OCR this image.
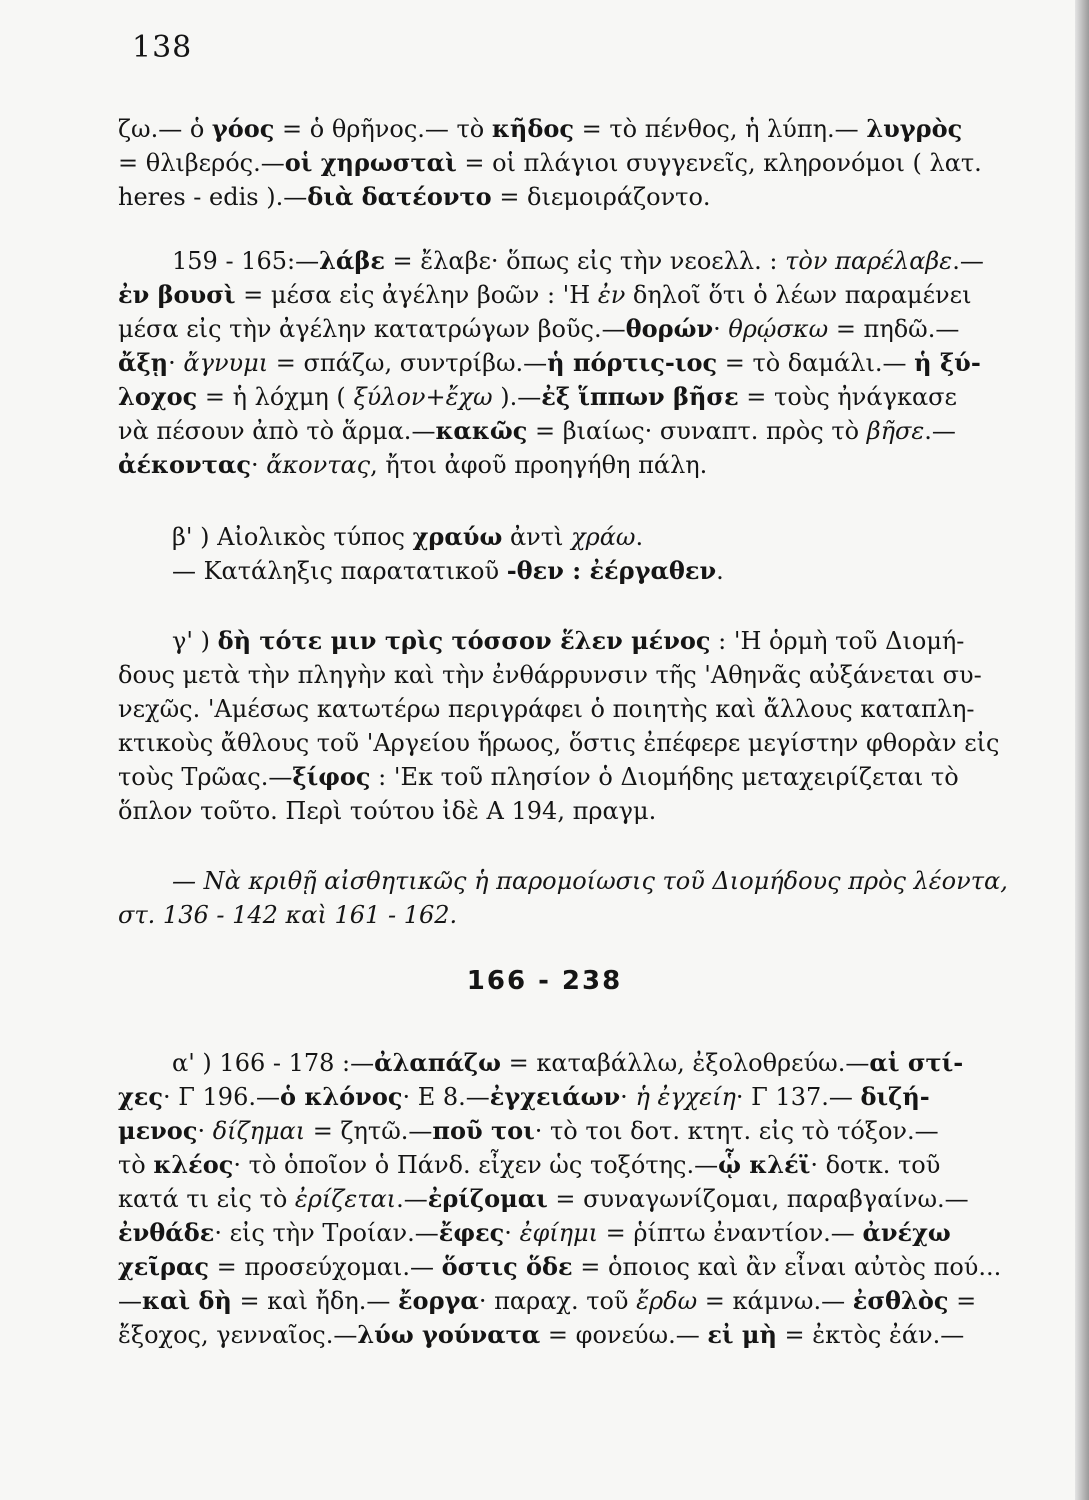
138
ζω.— ὁ γόος = ὁ θρῆνος.— τὸ κῆδος = τὸ πένθος, ἡ λύπη.— λυγρὸς
= θλιβερός.—οἱ χηρωσταὶ = οἱ πλάγιοι συγγενεῖς, κληρονόμοι ( λατ.
heres - edis ).—διὰ δατέοντο = διεμοιράζοντο.
159 - 165:—λάβε = ἔλαβε· ὅπως εἰς τὴν νεοελλ. : τὸν παρέλαβε.—
ἐν βουσὶ = μέσα εἰς ἀγέλην βοῶν : 'Η ἐν δηλοῖ ὅτι ὁ λέων παραμένει
μέσα εἰς τὴν ἀγέλην κατατρώγων βοῦς.—θορών· θρῴσκω = πηδῶ.—
ἄξῃ· ἄγνυμι = σπάζω, συντρίβω.—ἡ πόρτις-ιος = τὸ δαμάλι.— ἡ ξύ-
λοχος = ἡ λόχμη ( ξύλον+ἔχω ).—ἐξ ἵππων βῆσε = τοὺς ἠνάγκασε
νὰ πέσουν ἀπὸ τὸ ἅρμα.—κακῶς = βιαίως· συναπτ. πρὸς τὸ βῆσε.—
ἀέκοντας· ἄκοντας, ἤτοι ἀφοῦ προηγήθη πάλη.
β' ) Αἰολικὸς τύπος χραύω ἀντὶ χράω.
— Κατάληξις παρατατικοῦ -θεν : ἐέργαθεν.
γ' ) δὴ τότε μιν τρὶς τόσσον ἕλεν μένος : 'Η ὁρμὴ τοῦ Διομή-
δους μετὰ τὴν πληγὴν καὶ τὴν ἐνθάρρυνσιν τῆς 'Αθηνᾶς αὐξάνεται συ-
νεχῶς. 'Αμέσως κατωτέρω περιγράφει ὁ ποιητὴς καὶ ἄλλους καταπλη-
κτικοὺς ἄθλους τοῦ 'Αργείου ἥρωος, ὅστις ἐπέφερε μεγίστην φθορὰν εἰς
τοὺς Τρῶας.—ξίφος : 'Εκ τοῦ πλησίον ὁ Διομήδης μεταχειρίζεται τὸ
ὅπλον τοῦτο. Περὶ τούτου ἰδὲ Α 194, πραγμ.
— Νὰ κριθῇ αἰσθητικῶς ἡ παρομοίωσις τοῦ Διομήδους πρὸς λέοντα,
στ. 136 - 142 καὶ 161 - 162.
166 - 238
α' ) 166 - 178 :—ἀλαπάζω = καταβάλλω, ἐξολοθρεύω.—αἱ στί-
χες· Γ 196.—ὁ κλόνος· Ε 8.—ἐγχειάων· ἡ ἐγχείη· Γ 137.— διζή-
μενος· δίζημαι = ζητῶ.—ποῦ τοι· τὸ τοι δοτ. κτητ. εἰς τὸ τόξον.—
τὸ κλέος· τὸ ὁποῖον ὁ Πάνδ. εἶχεν ὡς τοξότης.—ᾧ κλέϊ· δοτκ. τοῦ
κατά τι εἰς τὸ ἐρίζεται.—ἐρίζομαι = συναγωνίζομαι, παραβγαίνω.—
ἐνθάδε· εἰς τὴν Τροίαν.—ἔφες· ἐφίημι = ῥίπτω ἐναντίον.— ἀνέχω
χεῖρας = προσεύχομαι.— ὅστις ὅδε = ὁποιος καὶ ἂν εἶναι αὐτὸς πού...
—καὶ δὴ = καὶ ἤδη.— ἔοργα· παραχ. τοῦ ἔρδω = κάμνω.— ἐσθλὸς =
ἔξοχος, γενναῖος.—λύω γούνατα = φονεύω.— εἰ μὴ = ἐκτὸς ἐάν.—
